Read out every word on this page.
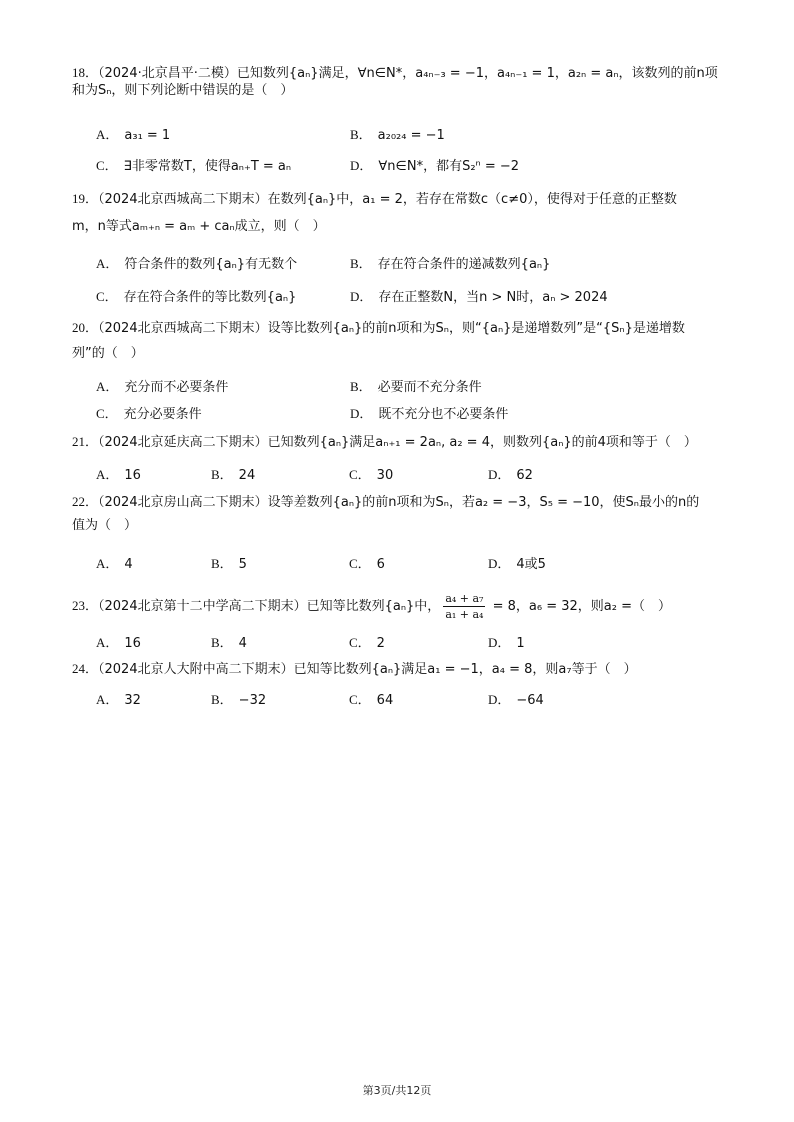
18．（2024·北京昌平·二模）已知数列{aₙ}满足，∀n∈N*，a₄ₙ₋₃ = −1，a₄ₙ₋₁ = 1，a₂ₙ = aₙ，该数列的前n项
和为Sₙ，则下列论断中错误的是（　）
A． a₃₁ = 1	B． a₂₀₂₄ = −1
C． ∃非零常数T，使得aₙ₊T = aₙ	D． ∀n∈N*，都有S₂ⁿ = −2
19．（2024北京西城高二下期末）在数列{aₙ}中，a₁ = 2，若存在常数c（c≠0），使得对于任意的正整数
m，n等式aₘ₊ₙ = aₘ + caₙ成立，则（　）
A． 符合条件的数列{aₙ}有无数个	B． 存在符合条件的递减数列{aₙ}
C． 存在符合条件的等比数列{aₙ}	D． 存在正整数N，当n > N时，aₙ > 2024
20．（2024北京西城高二下期末）设等比数列{aₙ}的前n项和为Sₙ，则“{aₙ}是递增数列”是“{Sₙ}是递增数
列”的（　）
A． 充分而不必要条件	B． 必要而不充分条件
C． 充分必要条件	D． 既不充分也不必要条件
21．（2024北京延庆高二下期末）已知数列{aₙ}满足aₙ₊₁ = 2aₙ, a₂ = 4，则数列{aₙ}的前4项和等于（　）
A． 16	B． 24	C． 30	D． 62
22．（2024北京房山高二下期末）设等差数列{aₙ}的前n项和为Sₙ，若a₂ = −3，S₅ = −10，使Sₙ最小的n的
值为（　）
A． 4	B． 5	C． 6	D． 4或5
23．（2024北京第十二中学高二下期末）已知等比数列{aₙ}中， $\frac{\text{a₄ + a₇}}{\text{a₁ + a₄}} = 8$，a₆ = 32，则a₂ =（　）
A． 16	B． 4	C． 2	D． 1
24．（2024北京人大附中高二下期末）已知等比数列{aₙ}满足a₁ = −1，a₄ = 8，则a₇等于（　）
A． 32	B． −32	C． 64	D． −64
第3页/共12页
